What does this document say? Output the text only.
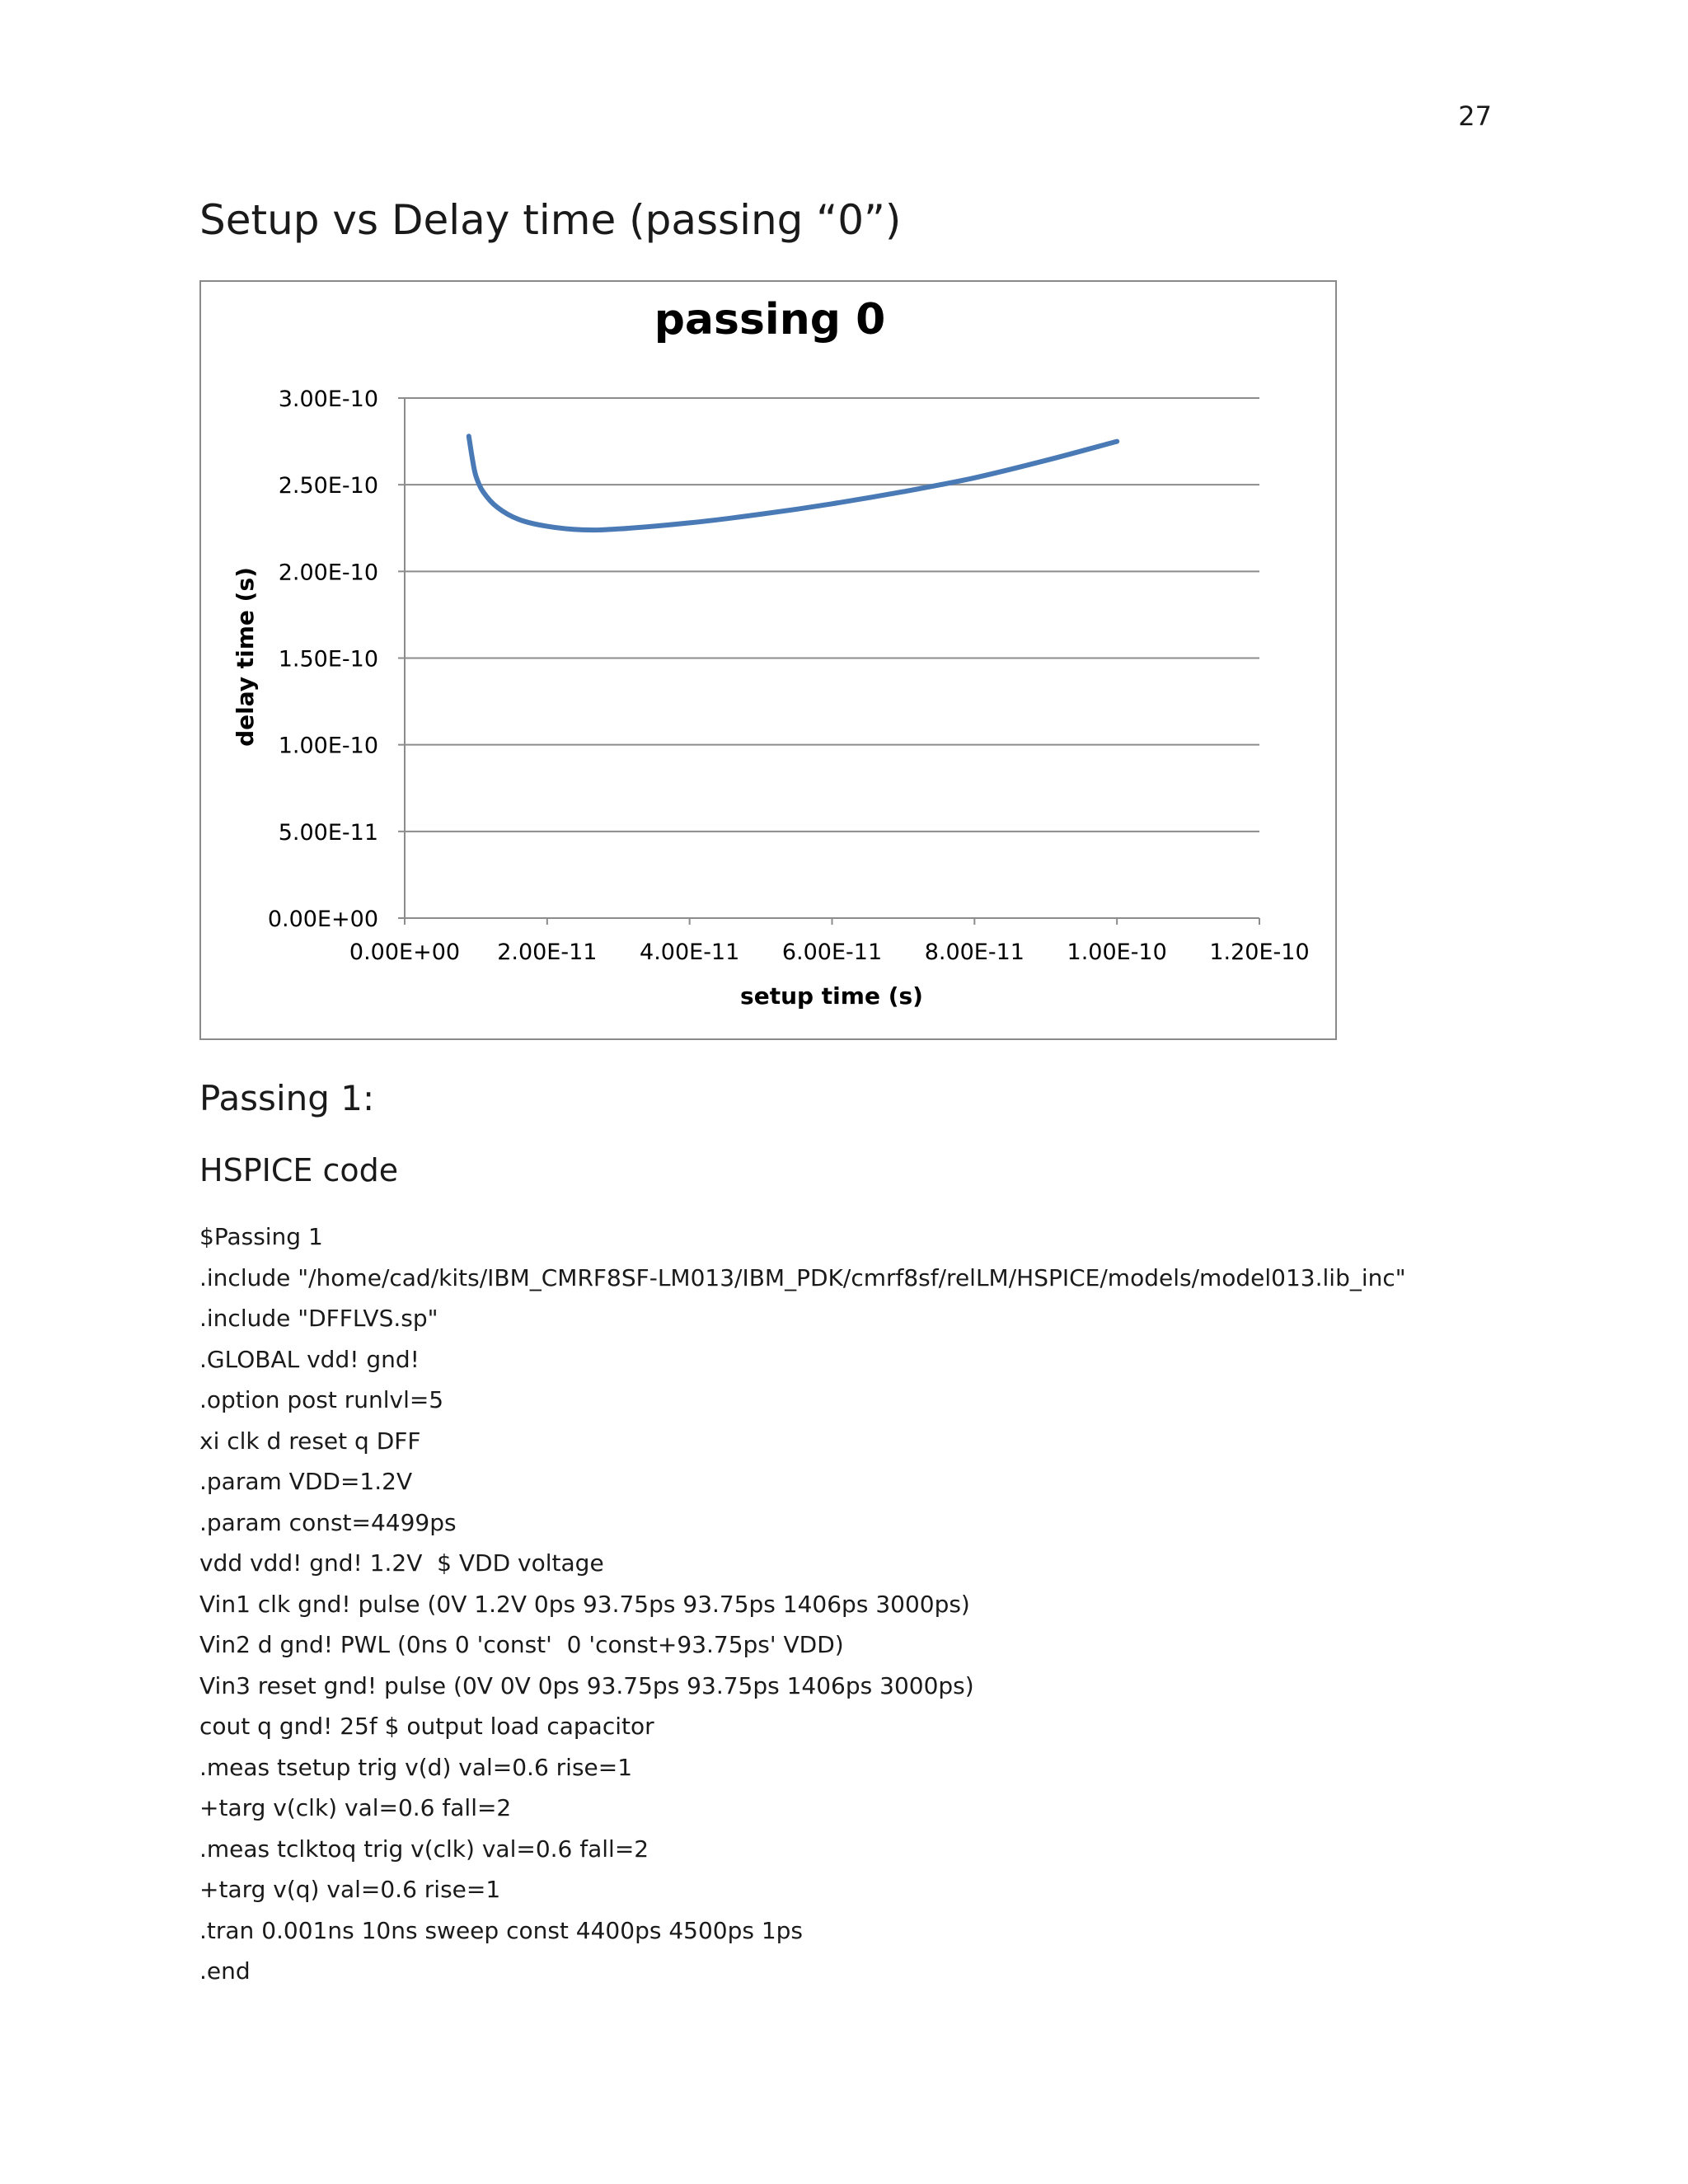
27
Setup vs Delay time (passing “0”)
passing 0
0.00E+00
5.00E-11
1.00E-10
1.50E-10
2.00E-10
2.50E-10
3.00E-10
0.00E+00 2.00E-11 4.00E-11 6.00E-11 8.00E-11 1.00E-10 1.20E-10
setup time (s)
delay time (s)
Passing 1:
HSPICE code
$Passing 1
.include "/home/cad/kits/IBM_CMRF8SF-LM013/IBM_PDK/cmrf8sf/relLM/HSPICE/models/model013.lib_inc"
.include "DFFLVS.sp"
.GLOBAL vdd! gnd!
.option post runlvl=5
xi clk d reset q DFF
.param VDD=1.2V
.param const=4499ps
vdd vdd! gnd! 1.2V  $ VDD voltage
Vin1 clk gnd! pulse (0V 1.2V 0ps 93.75ps 93.75ps 1406ps 3000ps)
Vin2 d gnd! PWL (0ns 0 'const'  0 'const+93.75ps' VDD)
Vin3 reset gnd! pulse (0V 0V 0ps 93.75ps 93.75ps 1406ps 3000ps)
cout q gnd! 25f $ output load capacitor
.meas tsetup trig v(d) val=0.6 rise=1
+targ v(clk) val=0.6 fall=2
.meas tclktoq trig v(clk) val=0.6 fall=2
+targ v(q) val=0.6 rise=1
.tran 0.001ns 10ns sweep const 4400ps 4500ps 1ps
.end
